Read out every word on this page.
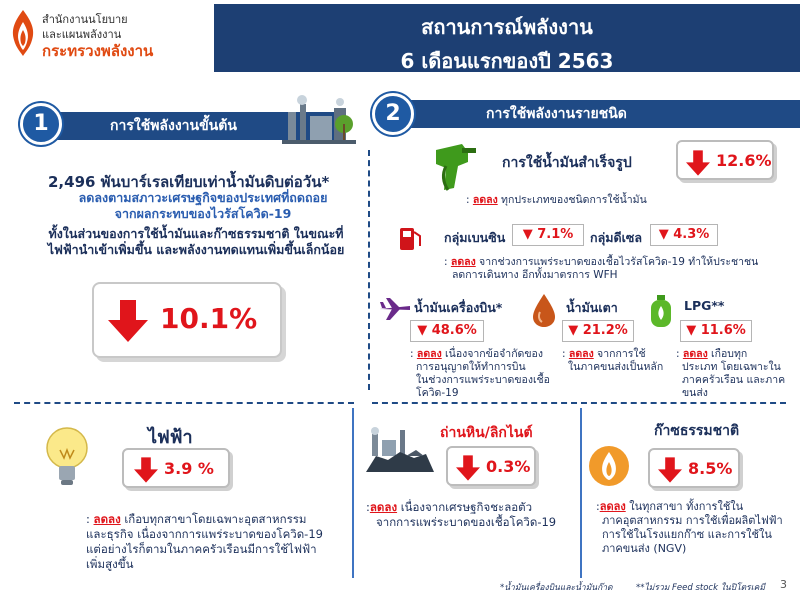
สำนักงานนโยบาย
และแผนพลังงาน
กระทรวงพลังงาน
สถานการณ์พลังงาน
6 เดือนแรกของปี 2563
การใช้พลังงานขั้นต้น
1	การใช้พลังงานรายชนิด
2
2,496 พันบาร์เรลเทียบเท่าน้ำมันดิบต่อวัน*
ลดลงตามสภาวะเศรษฐกิจของประเทศที่ถดถอย
จากผลกระทบของไวรัสโควิด-19
ทั้งในส่วนของการใช้น้ำมันและก๊าซธรรมชาติ ในขณะที่
ไฟฟ้านำเข้าเพิ่มขึ้น และพลังงานทดแทนเพิ่มขึ้นเล็กน้อย
10.1%
การใช้น้ำมันสำเร็จรูป	12.6%
: ลดลง ทุกประเภทของชนิดการใช้น้ำมัน
กลุ่มเบนซิน	▼ 7.1%	กลุ่มดีเซล	▼ 4.3%
: ลดลง จากช่วงการแพร่ระบาดของเชื้อไวรัสโควิด-19 ทำให้ประชาชน
ลดการเดินทาง อีกทั้งมาตรการ WFH
น้ำมันเครื่องบิน*
▼ 48.6%
: ลดลง เนื่องจากข้อจำกัดของ
การอนุญาตให้ทำการบิน
ในช่วงการแพร่ระบาดของเชื้อ
โควิด-19
น้ำมันเตา
▼ 21.2%
: ลดลง จากการใช้
ในภาคขนส่งเป็นหลัก
LPG**
▼ 11.6%
: ลดลง เกือบทุก
ประเภท โดยเฉพาะใน
ภาคครัวเรือน และภาค
ขนส่ง
ไฟฟ้า
3.9 %
: ลดลง เกือบทุกสาขาโดยเฉพาะอุตสาหกรรม
และธุรกิจ เนื่องจากการแพร่ระบาดของโควิด-19
แต่อย่างไรก็ตามในภาคครัวเรือนมีการใช้ไฟฟ้า
เพิ่มสูงขึ้น
ถ่านหิน/ลิกไนต์
0.3%
:ลดลง เนื่องจากเศรษฐกิจชะลอตัว
จากการแพร่ระบาดของเชื้อโควิด-19
ก๊าซธรรมชาติ
8.5%
:ลดลง ในทุกสาขา ทั้งการใช้ใน
ภาคอุตสาหกรรม การใช้เพื่อผลิตไฟฟ้า
การใช้ในโรงแยกก๊าซ และการใช้ใน
ภาคขนส่ง (NGV)
*น้ำมันเครื่องบินและน้ำมันก๊าด	**ไม่รวม Feed stock ในปิโตรเคมี 3
